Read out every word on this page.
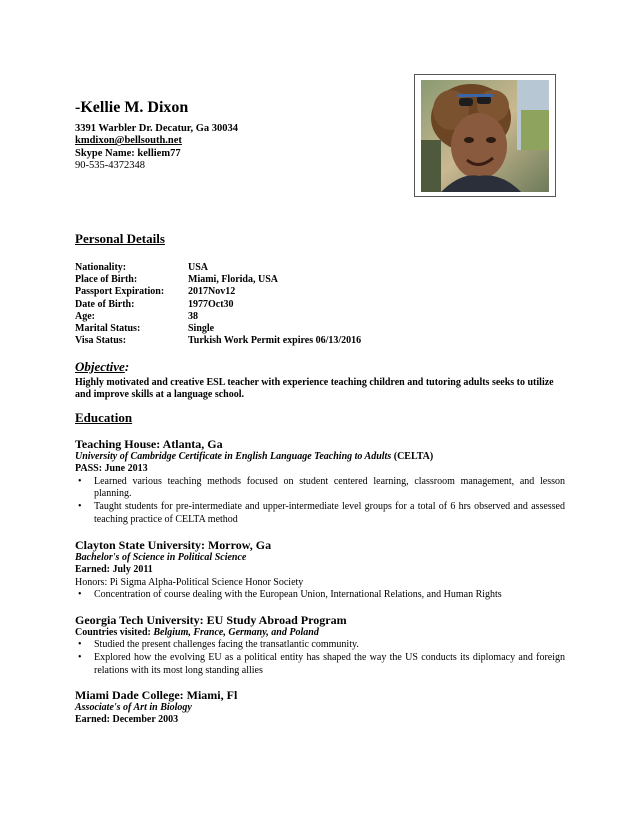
-Kellie M. Dixon
3391 Warbler Dr. Decatur, Ga 30034
kmdixon@bellsouth.net
Skype Name: kelliem77
90-535-4372348
Personal Details
Nationality:	USA
Place of Birth:	Miami, Florida, USA
Passport Expiration:	2017Nov12
Date of Birth:	1977Oct30
Age:	38
Marital Status:	Single
Visa Status:	Turkish Work Permit expires 06/13/2016
Objective:
Highly motivated and creative ESL teacher with experience teaching children and tutoring adults seeks to utilize and improve skills at a language school.
Education
Teaching House: Atlanta, Ga
University of Cambridge Certificate in English Language Teaching to Adults (CELTA)
PASS: June 2013
• Learned various teaching methods focused on student centered learning, classroom management, and lesson planning.
• Taught students for pre-intermediate and upper-intermediate level groups for a total of 6 hrs observed and assessed teaching practice of CELTA method
Clayton State University: Morrow, Ga
Bachelor's of Science in Political Science
Earned: July 2011
Honors: Pi Sigma Alpha-Political Science Honor Society
• Concentration of course dealing with the European Union, International Relations, and Human Rights
Georgia Tech University: EU Study Abroad Program
Countries visited: Belgium, France, Germany, and Poland
• Studied the present challenges facing the transatlantic community.
• Explored how the evolving EU as a political entity has shaped the way the US conducts its diplomacy and foreign relations with its most long standing allies
Miami Dade College: Miami, Fl
Associate's of Art in Biology
Earned: December 2003
